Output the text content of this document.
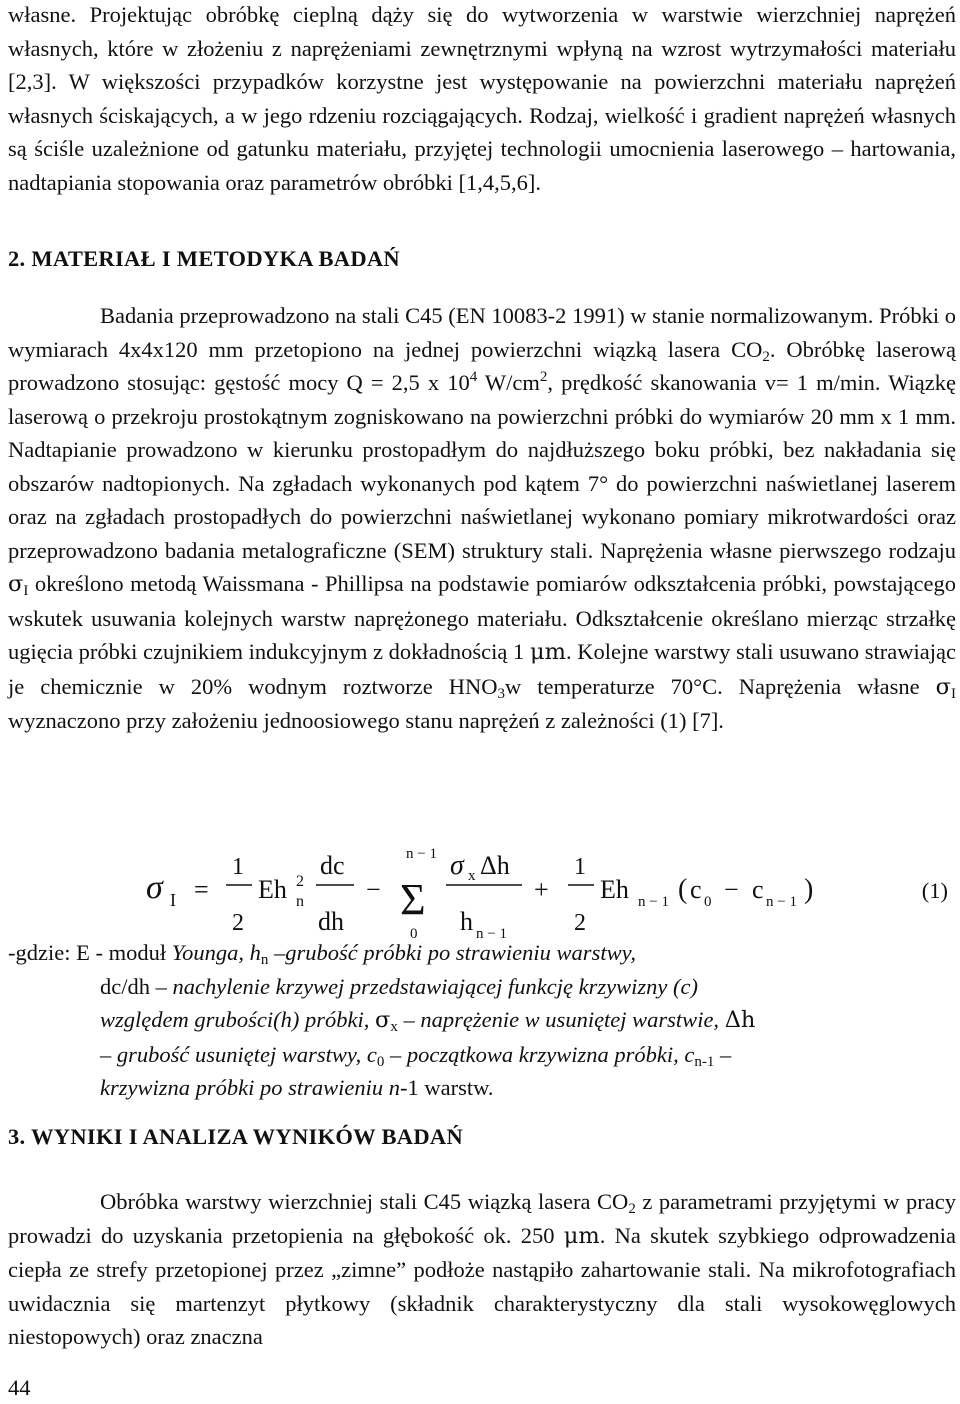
własne. Projektując obróbkę cieplną dąży się do wytworzenia w warstwie wierzchniej naprężeń własnych, które w złożeniu z naprężeniami zewnętrznymi wpłyną na wzrost wytrzymałości materiału [2,3]. W większości przypadków korzystne jest występowanie na powierzchni materiału naprężeń własnych ściskających, a w jego rdzeniu rozciągających. Rodzaj, wielkość i gradient naprężeń własnych są ściśle uzależnione od gatunku materiału, przyjętej technologii umocnienia laserowego – hartowania, nadtapiania stopowania oraz parametrów obróbki [1,4,5,6].

2. MATERIAŁ I METODYKA BADAŃ

Badania przeprowadzono na stali C45 (EN 10083-2 1991) w stanie normalizowanym. Próbki o wymiarach 4x4x120 mm przetopiono na jednej powierzchni wiązką lasera $CO_2$. Obróbkę laserową prowadzono stosując: gęstość mocy Q = 2,5 x $10^4$ $W/cm^2$, prędkość skanowania v= 1 m/min. Wiązkę laserową o przekroju prostokątnym zogniskowano na powierzchni próbki do wymiarów 20 mm x 1 mm. Nadtapianie prowadzono w kierunku prostopadłym do najdłuższego boku próbki, bez nakładania się obszarów nadtopionych. Na zgładach wykonanych pod kątem 7° do powierzchni naświetlanej laserem oraz na zgładach prostopadłych do powierzchni naświetlanej wykonano pomiary mikrotwardości oraz przeprowadzono badania metalograficzne (SEM) struktury stali. Naprężenia własne pierwszego rodzaju $\sigma_I$ określono metodą Waissmana - Phillipsa na podstawie pomiarów odkształcenia próbki, powstającego wskutek usuwania kolejnych warstw naprężonego materiału. Odkształcenie określano mierząc strzałkę ugięcia próbki czujnikiem indukcyjnym z dokładnością 1 μm. Kolejne warstwy stali usuwano strawiając je chemicznie w 20% wodnym roztworze $HNO_3w$ temperaturze 70°C. Naprężenia własne $\sigma_I$ wyznaczono przy założeniu jednoosiowego stanu naprężeń z zależności (1) [7].

σ I =
1
2
Eh 2
n
dc
dh
−
n − 1
Σ
0
σ x Δh
h n − 1
+
1
2
Eh n − 1 ( c 0 − c n − 1 )	(1)
-gdzie: E - moduł Younga, $h_n$ –grubość próbki po strawieniu warstwy,
dc/dh – nachylenie krzywej przedstawiającej funkcję krzywizny (c)
względem grubości(h) próbki, $\sigma_x$ – naprężenie w usuniętej warstwie, Δh
– grubość usuniętej warstwy, $c_0$ – początkowa krzywizna próbki, $c_{n-1}$ –
krzywizna próbki po strawieniu n-1 warstw.
3. WYNIKI I ANALIZA WYNIKÓW BADAŃ

Obróbka warstwy wierzchniej stali C45 wiązką lasera $CO_2$ z parametrami przyjętymi w pracy prowadzi do uzyskania przetopienia na głębokość ok. 250 μm. Na skutek szybkiego odprowadzenia ciepła ze strefy przetopionej przez „zimne” podłoże nastąpiło zahartowanie stali. Na mikrofotografiach uwidacznia się martenzyt płytkowy (składnik charakterystyczny dla stali wysokowęglowych niestopowych) oraz znaczna

44
